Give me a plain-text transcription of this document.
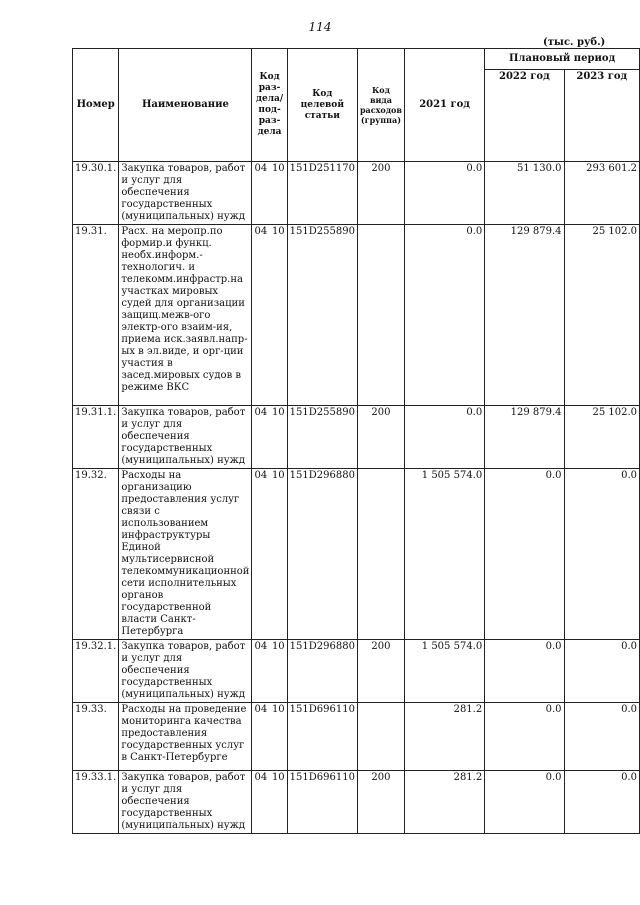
114
(тыс. руб.)
Номер	Наименование	Код раз-дела/ под-раз-дела		Код целевой статьи	Код вида расходов (группа)	2021 год	Плановый период	
							2022 год	2023 год
19.30.1.	Закупка товаров, работ и услуг для обеспечения государственных (муниципальных) нужд	04	10	151D251170	200	0.0	51 130.0	293 601.2
19.31.	Расх. на меропр.по формир.и функц. необх.информ.-технологич. и телекомм.инфрастр.на участках мировых судей для организации защищ.межв-ого электр-ого взаим-ия, приема иск.заявл.напр-ых в эл.виде, и орг-ции участия в засед.мировых судов в режиме ВКС	04	10	151D255890		0.0	129 879.4	25 102.0
19.31.1.	Закупка товаров, работ и услуг для обеспечения государственных (муниципальных) нужд	04	10	151D255890	200	0.0	129 879.4	25 102.0
19.32.	Расходы на организацию предоставления услуг связи с использованием инфраструктуры Единой мультисервисной телекоммуникационной сети исполнительных органов государственной власти Санкт-Петербурга	04	10	151D296880		1 505 574.0	0.0	0.0
19.32.1.	Закупка товаров, работ и услуг для обеспечения государственных (муниципальных) нужд	04	10	151D296880	200	1 505 574.0	0.0	0.0
19.33.	Расходы на проведение мониторинга качества предоставления государственных услуг в Санкт-Петербурге	04	10	151D696110		281.2	0.0	0.0
19.33.1.	Закупка товаров, работ и услуг для обеспечения государственных (муниципальных) нужд	04	10	151D696110	200	281.2	0.0	0.0
